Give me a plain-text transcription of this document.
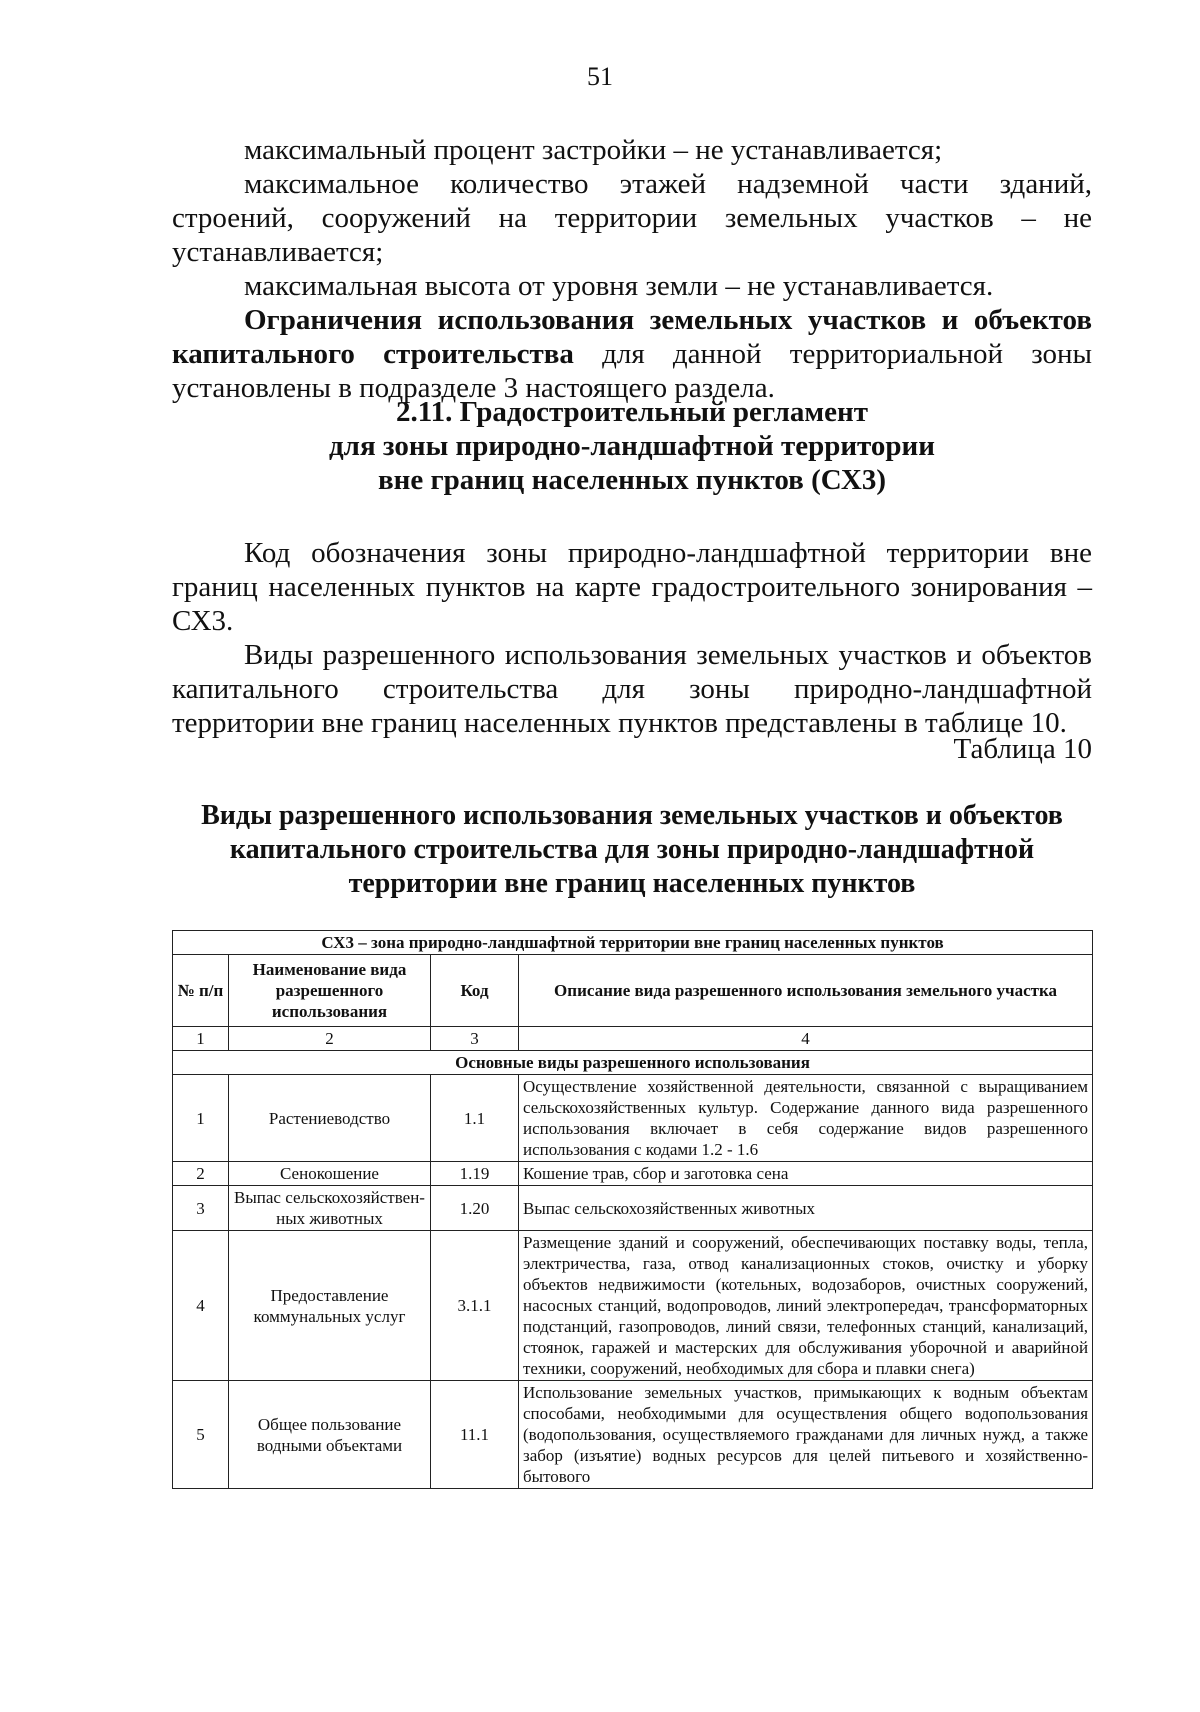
51

максимальный процент застройки – не устанавливается;

максимальное количество этажей надземной части зданий, строений, сооружений на территории земельных участков – не устанавливается;

максимальная высота от уровня земли – не устанавливается.

Ограничения использования земельных участков и объектов капитального строительства для данной территориальной зоны установлены в подразделе 3 настоящего раздела.

2.11. Градостроительный регламент
для зоны природно-ландшафтной территории
вне границ населенных пунктов (СХ3)

Код обозначения зоны природно-ландшафтной территории вне границ населенных пунктов на карте градостроительного зонирования – СХ3.

Виды разрешенного использования земельных участков и объектов капитального строительства для зоны природно-ландшафтной территории вне границ населенных пунктов представлены в таблице 10.

Таблица 10
Виды разрешенного использования земельных участков и объектов
капитального строительства для зоны природно-ландшафтной
территории вне границ населенных пунктов
СХ3 – зона природно-ландшафтной территории вне границ населенных пунктов			
№ п/п	Наименование вида разрешенного использования	Код	Описание вида разрешенного использования земельного участка
1	2	3	4
Основные виды разрешенного использования			
1	Растениеводство	1.1	Осуществление хозяйственной деятельности, связанной с выращиванием сельскохозяйственных культур. Содержание данного вида разрешенного использования включает в себя содержание видов разрешенного использования с кодами 1.2 - 1.6
2	Сенокошение	1.19	Кошение трав, сбор и заготовка сена
3	Выпас сельскохозяйствен-ных животных	1.20	Выпас сельскохозяйственных животных
4	Предоставление коммунальных услуг	3.1.1	Размещение зданий и сооружений, обеспечивающих поставку воды, тепла, электричества, газа, отвод канализационных стоков, очистку и уборку объектов недвижимости (котельных, водозаборов, очистных сооружений, насосных станций, водопроводов, линий электропередач, трансформаторных подстанций, газопроводов, линий связи, телефонных станций, канализаций, стоянок, гаражей и мастерских для обслуживания уборочной и аварийной техники, сооружений, необходимых для сбора и плавки снега)
5	Общее пользование водными объектами	11.1	Использование земельных участков, примыкающих к водным объектам способами, необходимыми для осуществления общего водопользования (водопользования, осуществляемого гражданами для личных нужд, а также забор (изъятие) водных ресурсов для целей питьевого и хозяйственно-бытового
